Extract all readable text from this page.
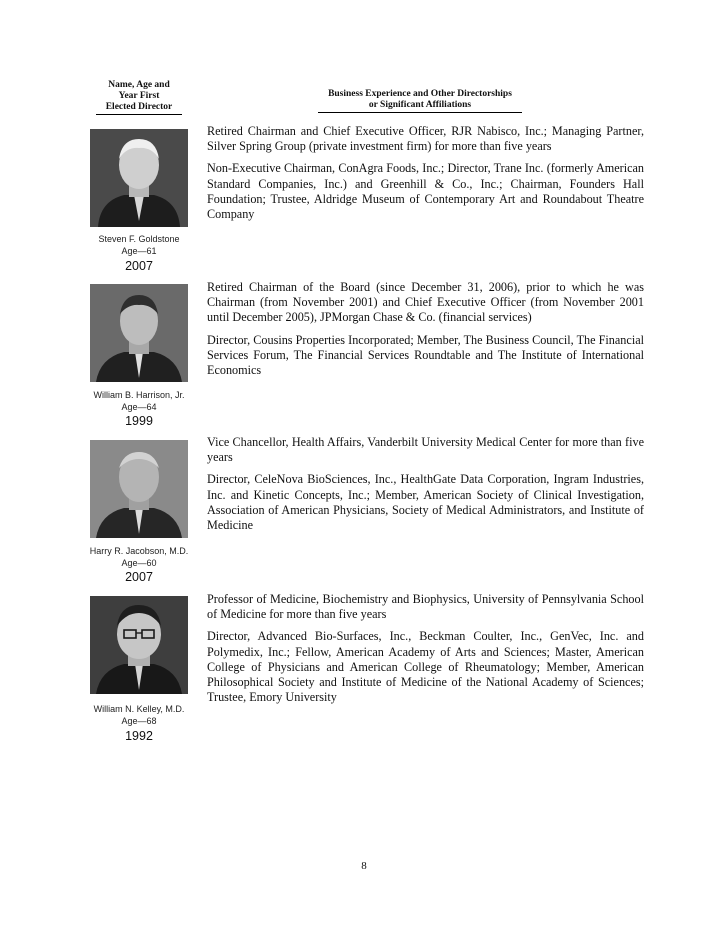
Name, Age and
Year First
Elected Director
Business Experience and Other Directorships
or Significant Affiliations
Steven F. Goldstone
Age—61
2007

Retired Chairman and Chief Executive Officer, RJR Nabisco, Inc.; Managing Partner, Silver Spring Group (private investment firm) for more than five years

Non-Executive Chairman, ConAgra Foods, Inc.; Director, Trane Inc. (formerly American Standard Companies, Inc.) and Greenhill & Co., Inc.; Chairman, Founders Hall Foundation; Trustee, Aldridge Museum of Contemporary Art and Roundabout Theatre Company

William B. Harrison, Jr.
Age—64
1999

Retired Chairman of the Board (since December 31, 2006), prior to which he was Chairman (from November 2001) and Chief Executive Officer (from November 2001 until December 2005), JPMorgan Chase & Co. (financial services)

Director, Cousins Properties Incorporated; Member, The Business Council, The Financial Services Forum, The Financial Services Roundtable and The Institute of International Economics

Harry R. Jacobson, M.D.
Age—60
2007

Vice Chancellor, Health Affairs, Vanderbilt University Medical Center for more than five years

Director, CeleNova BioSciences, Inc., HealthGate Data Corporation, Ingram Industries, Inc. and Kinetic Concepts, Inc.; Member, American Society of Clinical Investigation, Association of American Physicians, Society of Medical Administrators, and Institute of Medicine

William N. Kelley, M.D.
Age—68
1992

Professor of Medicine, Biochemistry and Biophysics, University of Pennsylvania School of Medicine for more than five years

Director, Advanced Bio-Surfaces, Inc., Beckman Coulter, Inc., GenVec, Inc. and Polymedix, Inc.; Fellow, American Academy of Arts and Sciences; Master, American College of Physicians and American College of Rheumatology; Member, American Philosophical Society and Institute of Medicine of the National Academy of Sciences; Trustee, Emory University

8
